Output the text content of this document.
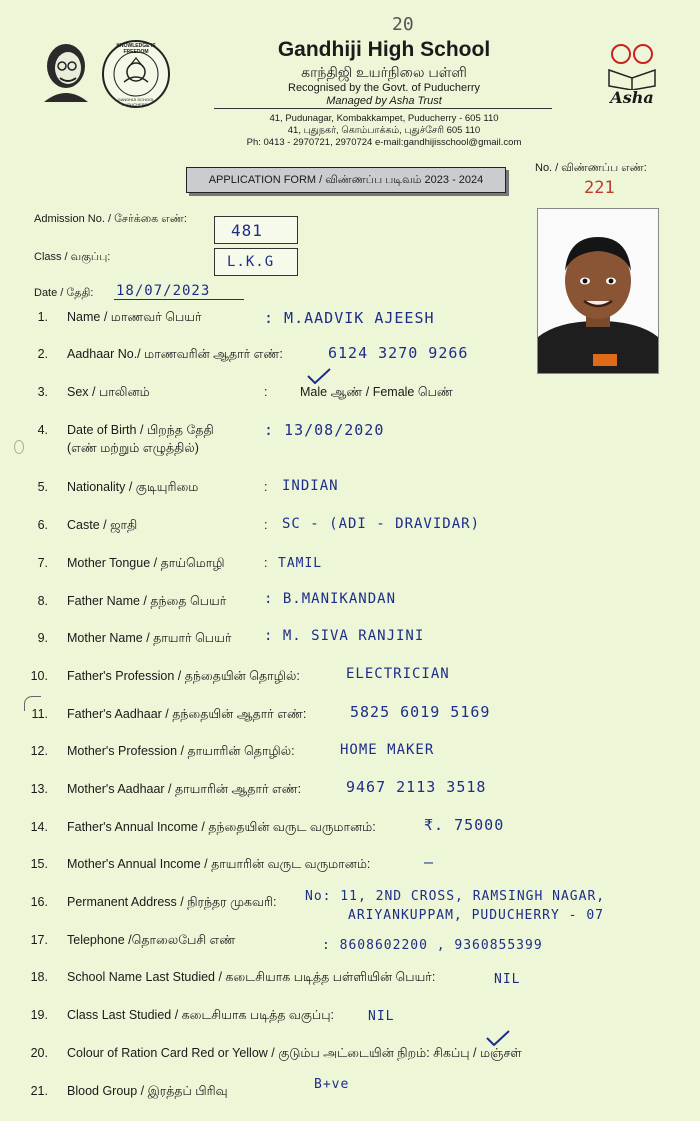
20
KNOWLEDGE IS FREEDOM
GANDHIJI SCHOOL PUDUCHERRY
Gandhiji High School
காந்திஜி உயர்நிலை பள்ளி
Recognised by the Govt. of Puducherry
Managed by Asha Trust
41, Pudunagar, Kombakkampet, Puducherry - 605 110
41, புதுநகர், கொம்பாக்கம், புதுச்சேரி 605 110
Ph: 0413 - 2970721, 2970724 e-mail:gandhijisschool@gmail.com
Asha
APPLICATION FORM / விண்ணப்ப படிவம் 2023 - 2024
No. / விண்ணப்ப எண்:
221
Admission No. / சேர்க்கை எண்:
481
Class / வகுப்பு:	L.K.G
Date / தேதி: 18/07/2023
1. Name / மாணவர் பெயர்	: M.AADVIK AJEESH
2. Aadhaar No./ மாணவரின் ஆதார் எண்:	6124 3270 9266
3. Sex / பாலினம்	:	Male ஆண் / Female பெண்
4. Date of Birth / பிறந்த தேதி
(எண் மற்றும் எழுத்தில்)
: 13/08/2020
5. Nationality / குடியுரிமை	: INDIAN
6. Caste / ஜாதி	: SC - (ADI - DRAVIDAR)
7. Mother Tongue / தாய்மொழி	: TAMIL
8. Father Name / தந்தை பெயர்	: B.MANIKANDAN
9. Mother Name / தாயார் பெயர் : M. SIVA RANJINI
10. Father's Profession / தந்தையின் தொழில்:	ELECTRICIAN
11. Father's Aadhaar / தந்தையின் ஆதார் எண்:	5825 6019 5169
12. Mother's Profession / தாயாரின் தொழில்:	HOME MAKER
13. Mother's Aadhaar / தாயாரின் ஆதார் எண்:	9467 2113 3518
14. Father's Annual Income / தந்தையின் வருட வருமானம்:	₹. 75000
15. Mother's Annual Income / தாயாரின் வருட வருமானம்:	—
16. Permanent Address / நிரந்தர முகவரி: No: 11, 2ND CROSS, RAMSINGH NAGAR,
ARIYANKUPPAM, PUDUCHERRY - 07
17. Telephone /தொலைபேசி எண்	: 8608602200 , 9360855399
18. School Name Last Studied / கடைசியாக படித்த பள்ளியின் பெயர்:	NIL
19. Class Last Studied / கடைசியாக படித்த வகுப்பு:	NIL
20. Colour of Ration Card Red or Yellow / குடும்ப அட்டையின் நிறம்: சிகப்பு / மஞ்சள்
21. Blood Group / இரத்தப் பிரிவு	B+ve
